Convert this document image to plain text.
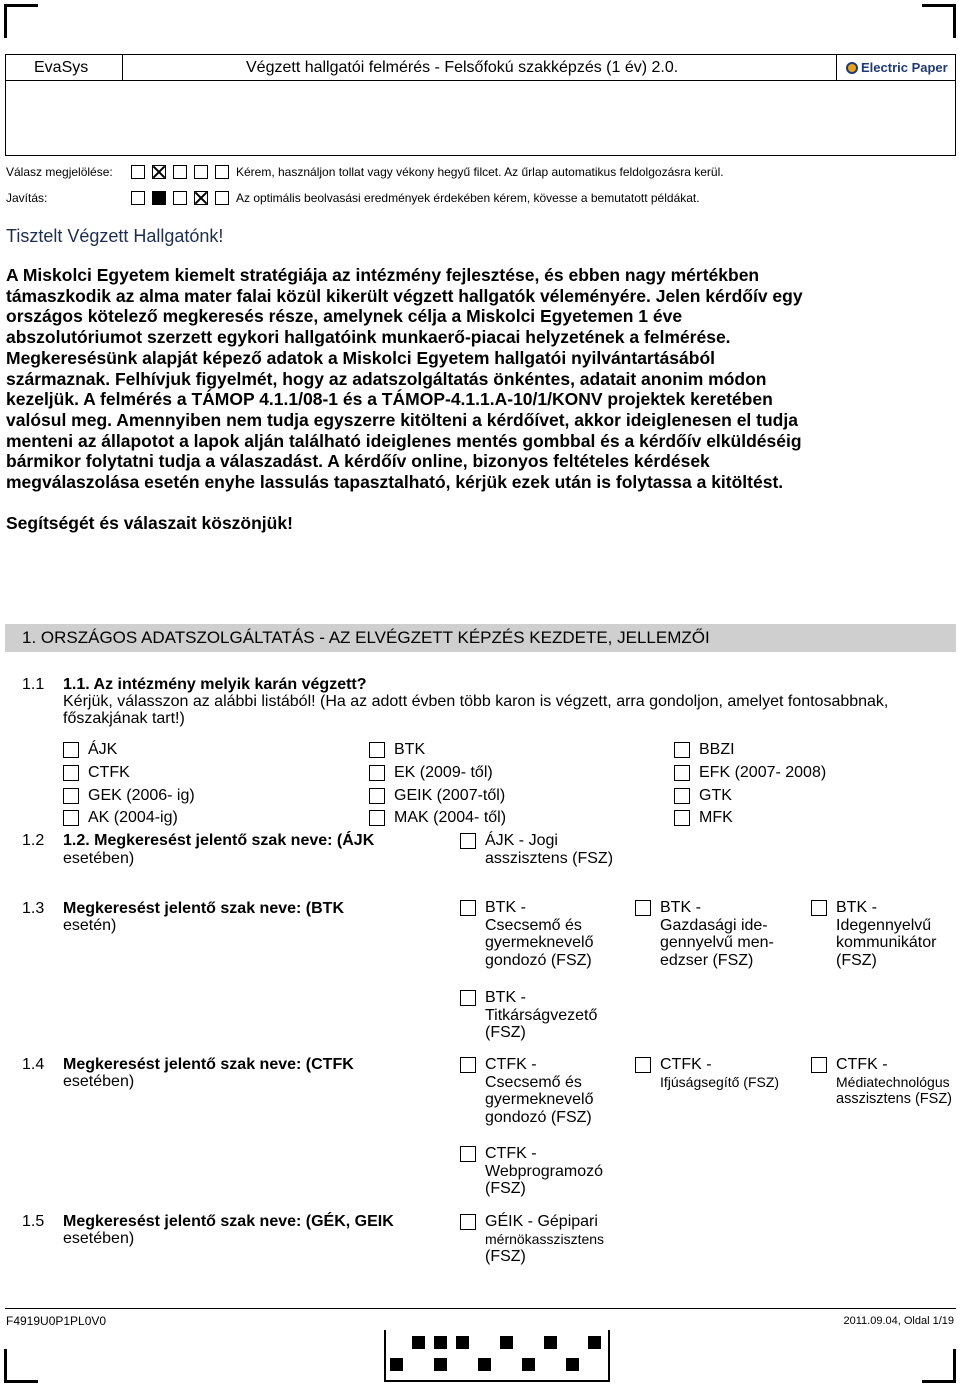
EvaSys	Végzett hallgatói felmérés - Felsőfokú szakképzés (1 év) 2.0.	Electric Paper
Válasz megjelölése:	Kérem, használjon tollat vagy vékony hegyű filcet. Az űrlap automatikus feldolgozásra kerül.
Javítás:	Az optimális beolvasási eredmények érdekében kérem, kövesse a bemutatott példákat.
Tisztelt Végzett Hallgatónk!
A Miskolci Egyetem kiemelt stratégiája az intézmény fejlesztése, és ebben nagy mértékben
támaszkodik az alma mater falai közül kikerült végzett hallgatók véleményére. Jelen kérdőív egy
országos kötelező megkeresés része, amelynek célja a Miskolci Egyetemen 1 éve
abszolutóriumot szerzett egykori hallgatóink munkaerő-piacai helyzetének a felmérése.
Megkeresésünk alapját képező adatok a Miskolci Egyetem hallgatói nyilvántartásából
származnak. Felhívjuk figyelmét, hogy az adatszolgáltatás önkéntes, adatait anonim módon
kezeljük. A felmérés a TÁMOP 4.1.1/08-1 és a TÁMOP-4.1.1.A-10/1/KONV projektek keretében
valósul meg. Amennyiben nem tudja egyszerre kitölteni a kérdőívet, akkor ideiglenesen el tudja
menteni az állapotot a lapok alján található ideiglenes mentés gombbal és a kérdőív elküldéséig
bármikor folytatni tudja a válaszadást. A kérdőív online, bizonyos feltételes kérdések
megválaszolása esetén enyhe lassulás tapasztalható, kérjük ezek után is folytassa a kitöltést.
Segítségét és válaszait köszönjük!
1. ORSZÁGOS ADATSZOLGÁLTATÁS - AZ ELVÉGZETT KÉPZÉS KEZDETE, JELLEMZŐI
1.1 1.1. Az intézmény melyik karán végzett?
Kérjük, válasszon az alábbi listából! (Ha az adott évben több karon is végzett, arra gondoljon, amelyet fontosabbnak,
főszakjának tart!)
ÁJK	BTK	BBZI
CTFK	EK (2009- től)	EFK (2007- 2008)
GEK (2006- ig)	GEIK (2007-től)	GTK
AK (2004-ig)	MAK (2004- től)	MFK
1.2 1.2. Megkeresést jelentő szak neve: (ÁJK
esetében)
ÁJK - Jogi
asszisztens (FSZ)
1.3 Megkeresést jelentő szak neve: (BTK
esetén)
BTK -
Csecsemő és
gyermeknevelő
gondozó (FSZ)
BTK -
Gazdasági ide-
gennyelvű men-
edzser (FSZ)
BTK -
Idegennyelvű
kommunikátor
(FSZ)
BTK -
Titkárságvezető
(FSZ)
1.4 Megkeresést jelentő szak neve: (CTFK
esetében)
CTFK -
Csecsemő és
gyermeknevelő
gondozó (FSZ)
CTFK -
Ifjúságsegítő (FSZ)
CTFK -
Médiatechnológus
asszisztens (FSZ)
CTFK -
Webprogramozó
(FSZ)
1.5 Megkeresést jelentő szak neve: (GÉK, GEIK
esetében)
GÉIK - Gépipari
mérnökasszisztens
(FSZ)
F4919U0P1PL0V0	2011.09.04, Oldal 1/19
